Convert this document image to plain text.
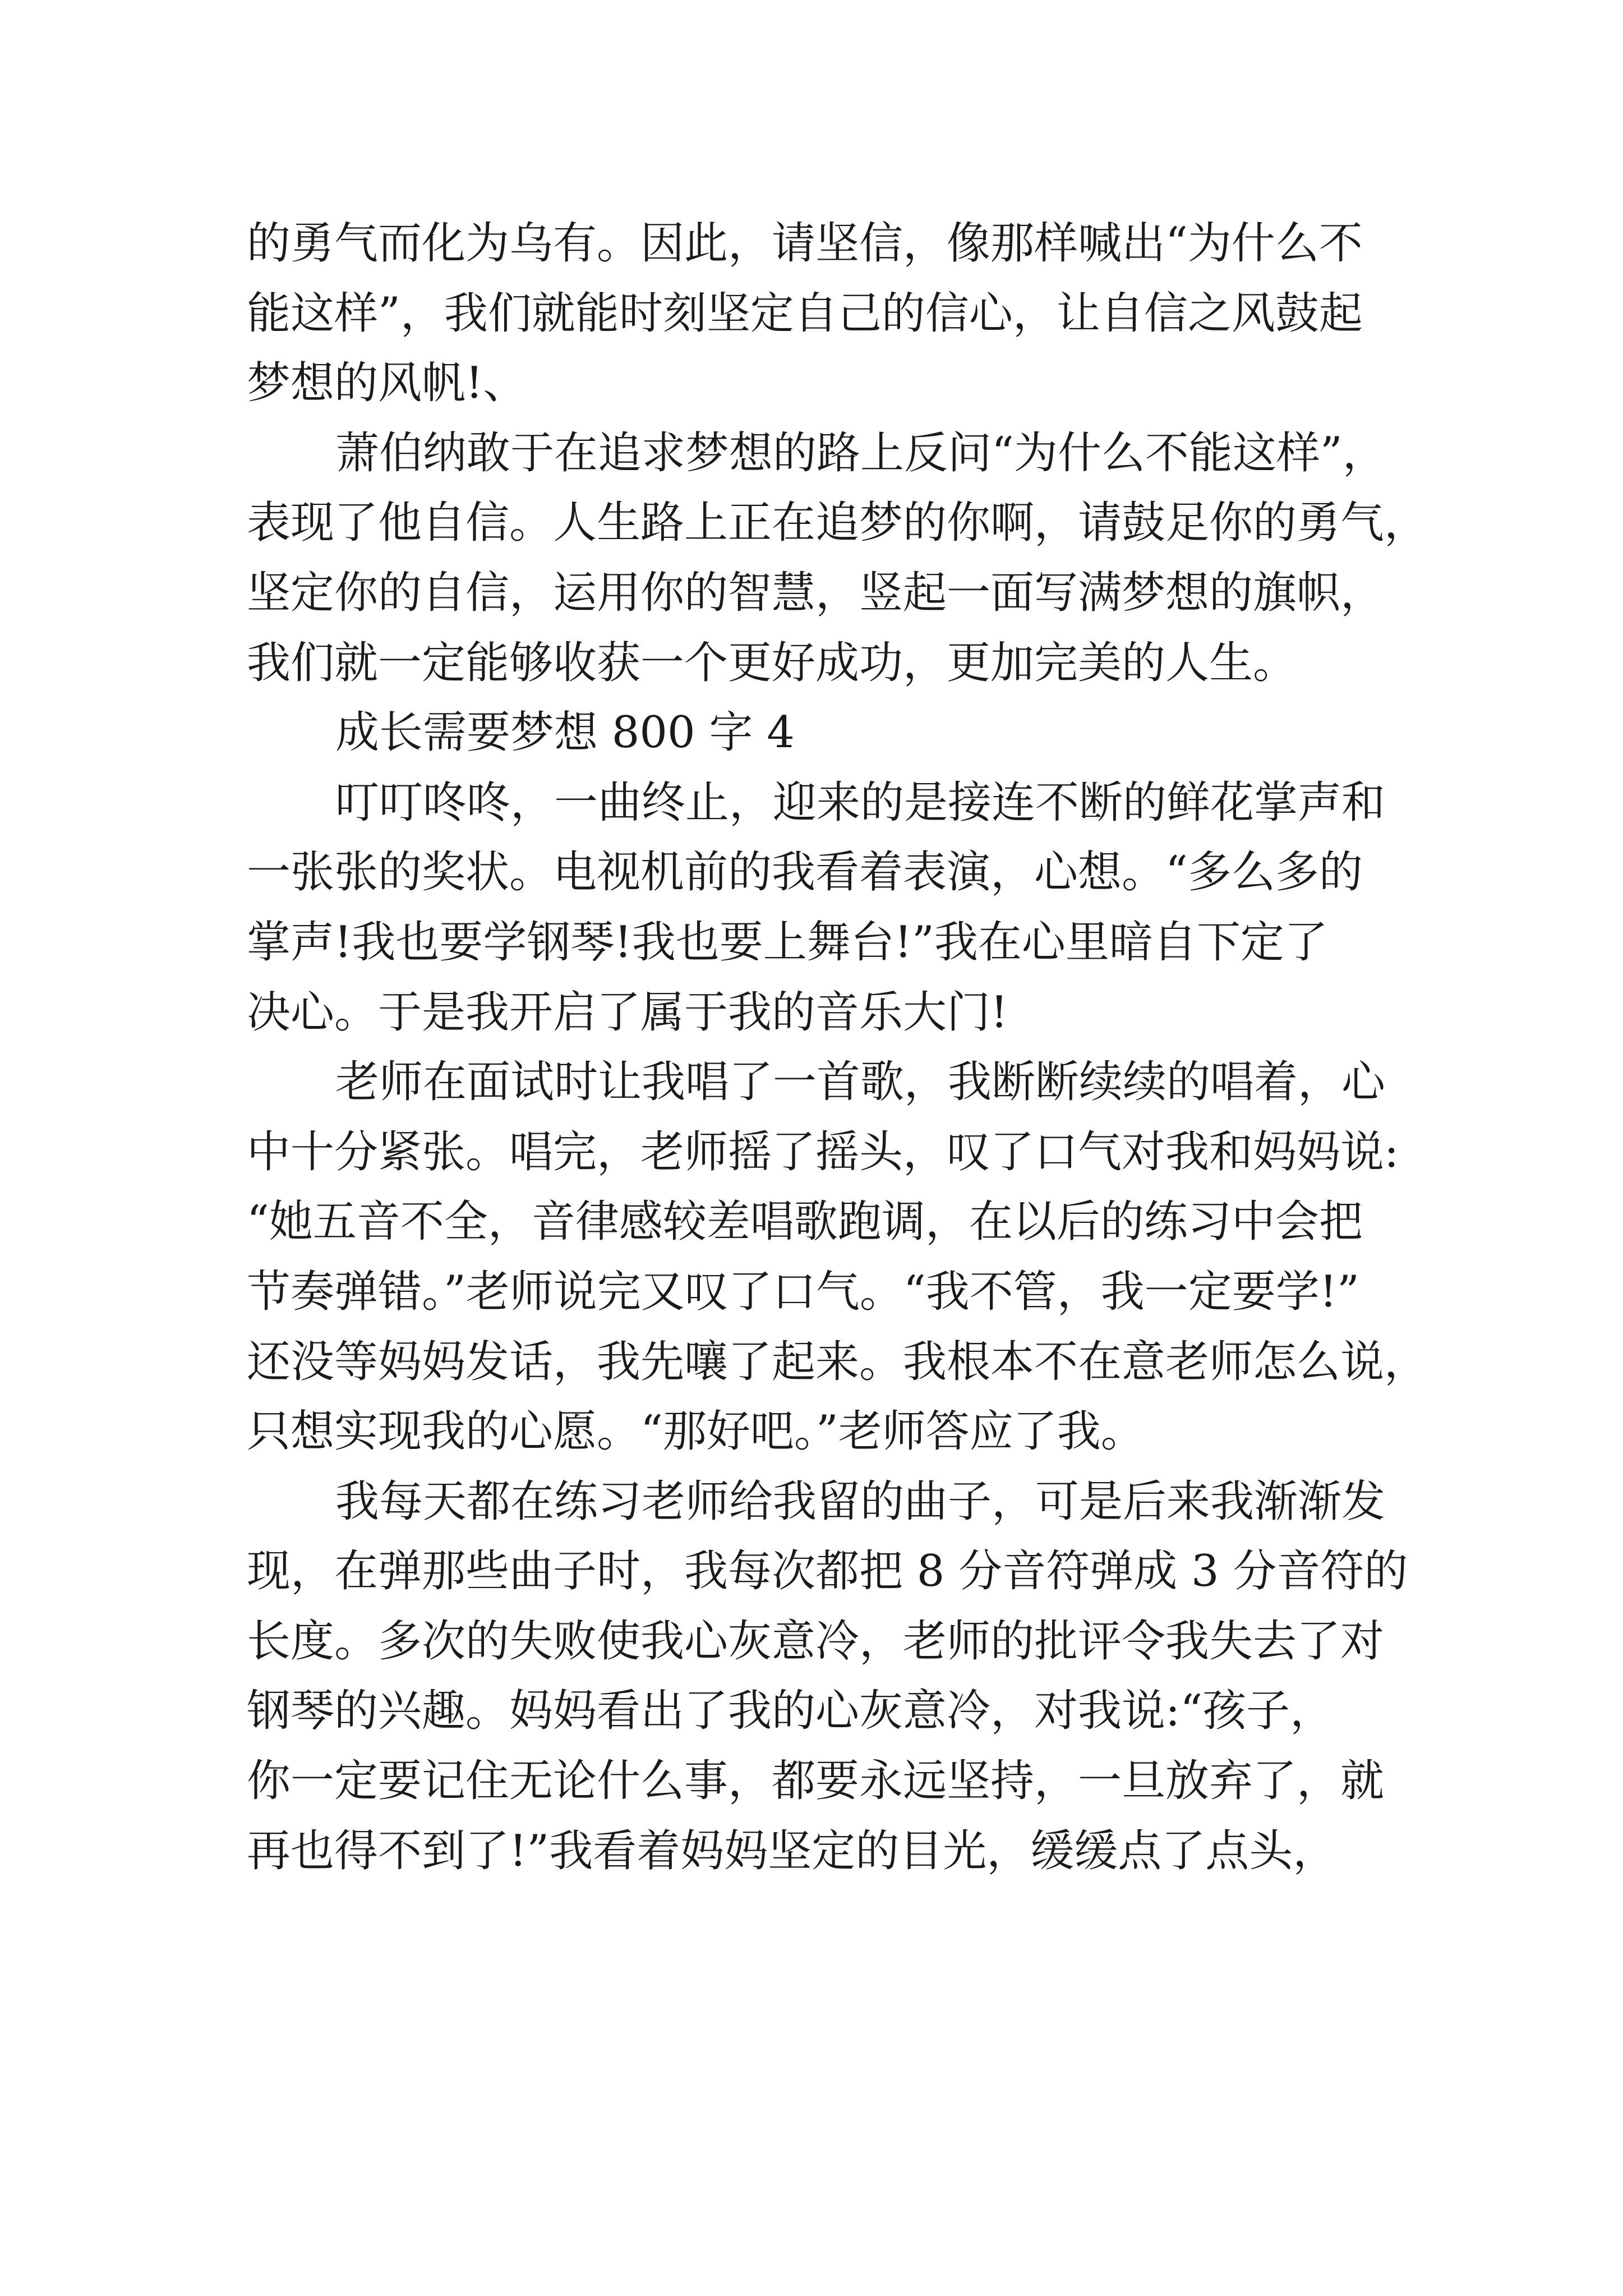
的勇气而化为乌有。因此，请坚信，像那样喊出“为什么不
能这样”，我们就能时刻坚定自己的信心，让自信之风鼓起
梦想的风帆!、
萧伯纳敢于在追求梦想的路上反问“为什么不能这样”，
表现了他自信。人生路上正在追梦的你啊，请鼓足你的勇气，
坚定你的自信，运用你的智慧，竖起一面写满梦想的旗帜，
我们就一定能够收获一个更好成功，更加完美的人生。
成长需要梦想 800 字 4
叮叮咚咚，一曲终止，迎来的是接连不断的鲜花掌声和
一张张的奖状。电视机前的我看着表演，心想。“多么多的
掌声!我也要学钢琴!我也要上舞台!”我在心里暗自下定了
决心。于是我开启了属于我的音乐大门!
老师在面试时让我唱了一首歌，我断断续续的唱着，心
中十分紧张。唱完，老师摇了摇头，叹了口气对我和妈妈说:
“她五音不全，音律感较差唱歌跑调，在以后的练习中会把
节奏弹错。”老师说完又叹了口气。“我不管，我一定要学!”
还没等妈妈发话，我先嚷了起来。我根本不在意老师怎么说，
只想实现我的心愿。“那好吧。”老师答应了我。
我每天都在练习老师给我留的曲子，可是后来我渐渐发
现，在弹那些曲子时，我每次都把 8 分音符弹成 3 分音符的
长度。多次的失败使我心灰意冷，老师的批评令我失去了对
钢琴的兴趣。妈妈看出了我的心灰意冷，对我说:“孩子，
你一定要记住无论什么事，都要永远坚持，一旦放弃了，就
再也得不到了!”我看着妈妈坚定的目光，缓缓点了点头，
